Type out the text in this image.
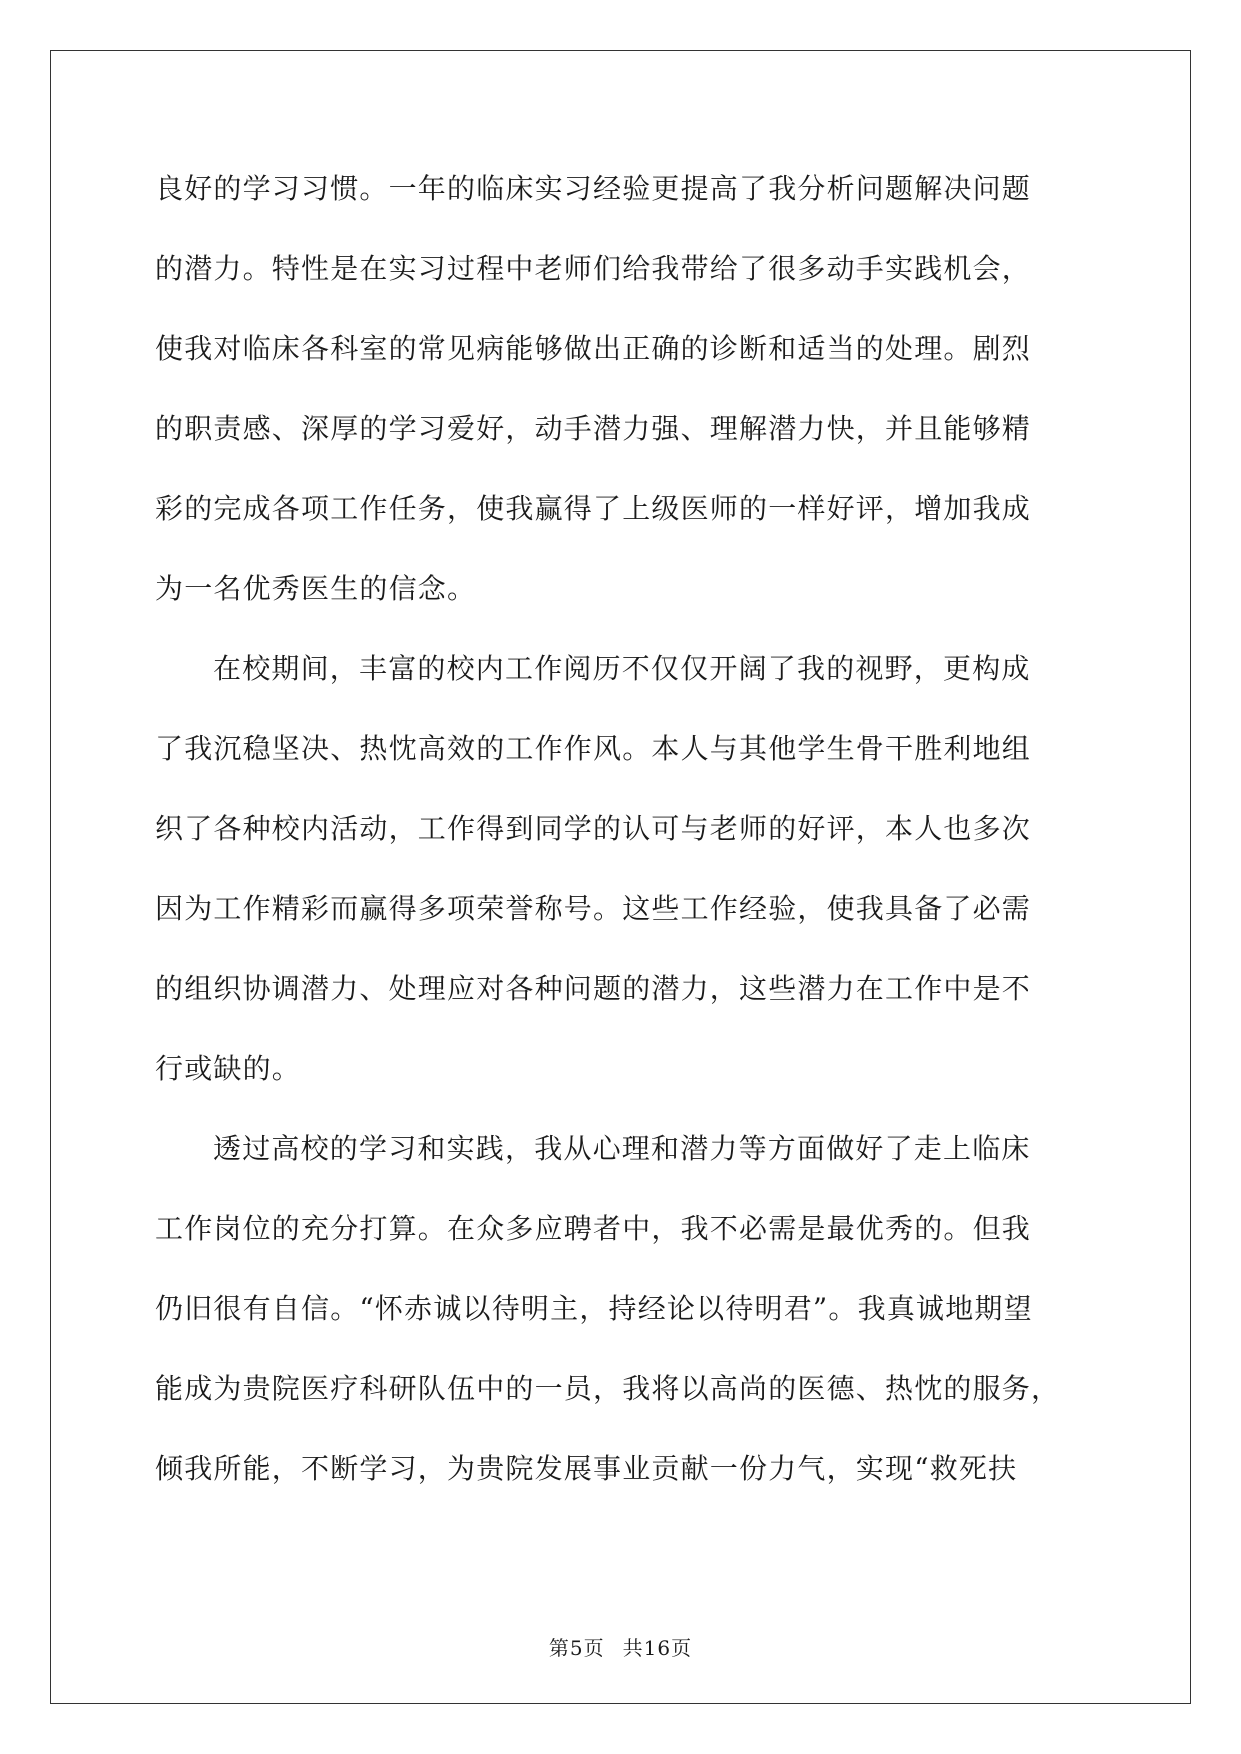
良好的学习习惯。一年的临床实习经验更提高了我分析问题解决问题
的潜力。特性是在实习过程中老师们给我带给了很多动手实践机会，
使我对临床各科室的常见病能够做出正确的诊断和适当的处理。剧烈
的职责感、深厚的学习爱好，动手潜力强、理解潜力快，并且能够精
彩的完成各项工作任务，使我赢得了上级医师的一样好评，增加我成
为一名优秀医生的信念。
在校期间，丰富的校内工作阅历不仅仅开阔了我的视野，更构成
了我沉稳坚决、热忱高效的工作作风。本人与其他学生骨干胜利地组
织了各种校内活动，工作得到同学的认可与老师的好评，本人也多次
因为工作精彩而赢得多项荣誉称号。这些工作经验，使我具备了必需
的组织协调潜力、处理应对各种问题的潜力，这些潜力在工作中是不
行或缺的。
透过高校的学习和实践，我从心理和潜力等方面做好了走上临床
工作岗位的充分打算。在众多应聘者中，我不必需是最优秀的。但我
仍旧很有自信。“怀赤诚以待明主，持经论以待明君”。我真诚地期望
能成为贵院医疗科研队伍中的一员，我将以高尚的医德、热忱的服务，
倾我所能，不断学习，为贵院发展事业贡献一份力气，实现“救死扶
第5页 共16页
